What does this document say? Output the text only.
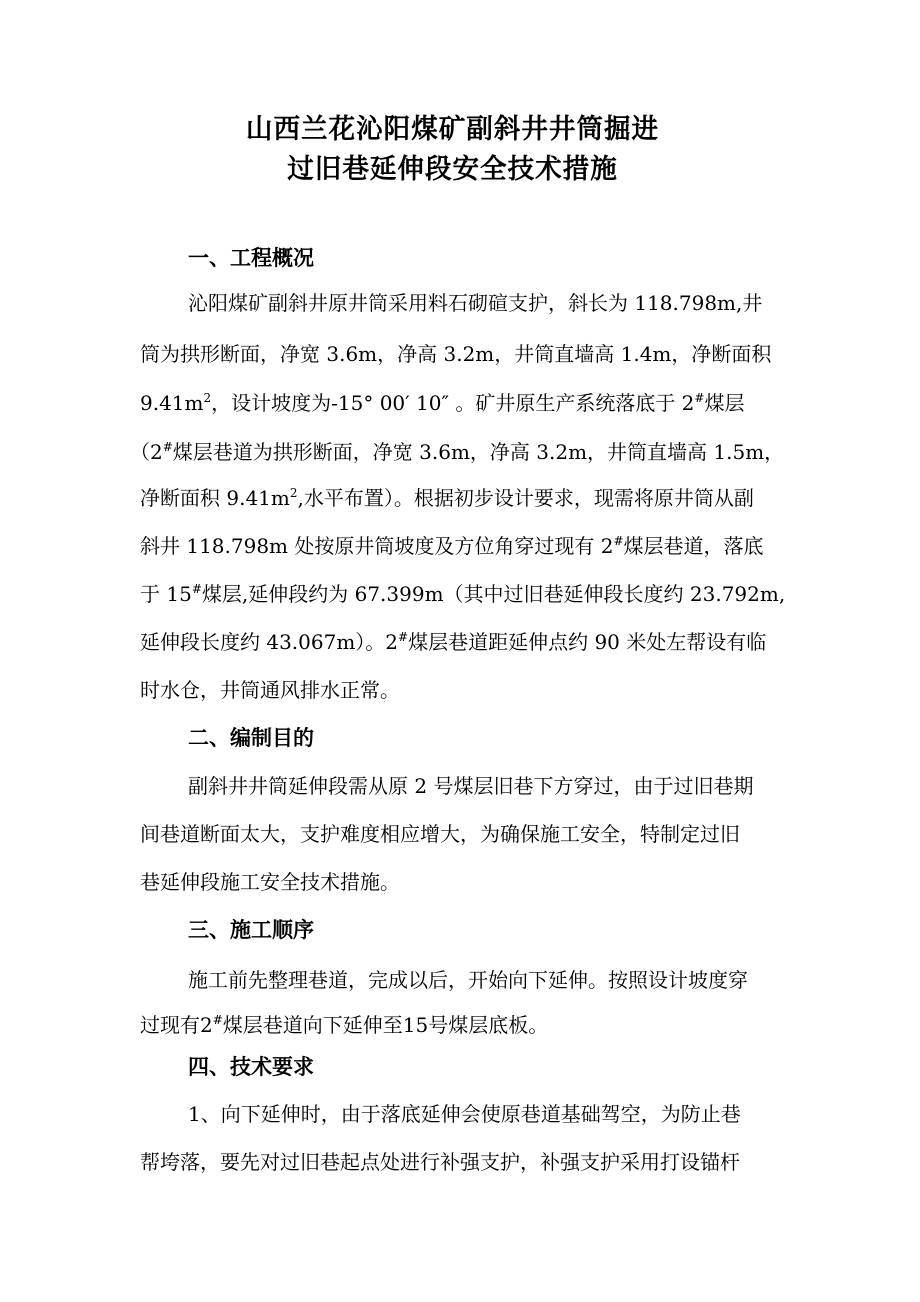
山西兰花沁阳煤矿副斜井井筒掘进
过旧巷延伸段安全技术措施
一、工程概况
沁阳煤矿副斜井原井筒采用料石砌碹支护，斜长为 118.798m,井
筒为拱形断面，净宽 3.6m，净高 3.2m，井筒直墙高 1.4m，净断面积
$9.41m^2$，设计坡度为-15° 00′ 10″ 。矿井原生产系统落底于 2#煤层
（2#煤层巷道为拱形断面，净宽 3.6m，净高 3.2m，井筒直墙高 1.5m，
净断面积 $9.41m^2$,水平布置）。根据初步设计要求，现需将原井筒从副
斜井 118.798m 处按原井筒坡度及方位角穿过现有 2#煤层巷道，落底
于 15#煤层,延伸段约为 67.399m（其中过旧巷延伸段长度约 23.792m,
延伸段长度约 43.067m）。2#煤层巷道距延伸点约 90 米处左帮设有临
时水仓，井筒通风排水正常。
二、编制目的
副斜井井筒延伸段需从原 2 号煤层旧巷下方穿过，由于过旧巷期
间巷道断面太大，支护难度相应增大，为确保施工安全，特制定过旧
巷延伸段施工安全技术措施。
三、施工顺序
施工前先整理巷道，完成以后，开始向下延伸。按照设计坡度穿
过现有2#煤层巷道向下延伸至15号煤层底板。
四、技术要求
1、向下延伸时，由于落底延伸会使原巷道基础驾空，为防止巷
帮垮落，要先对过旧巷起点处进行补强支护，补强支护采用打设锚杆
